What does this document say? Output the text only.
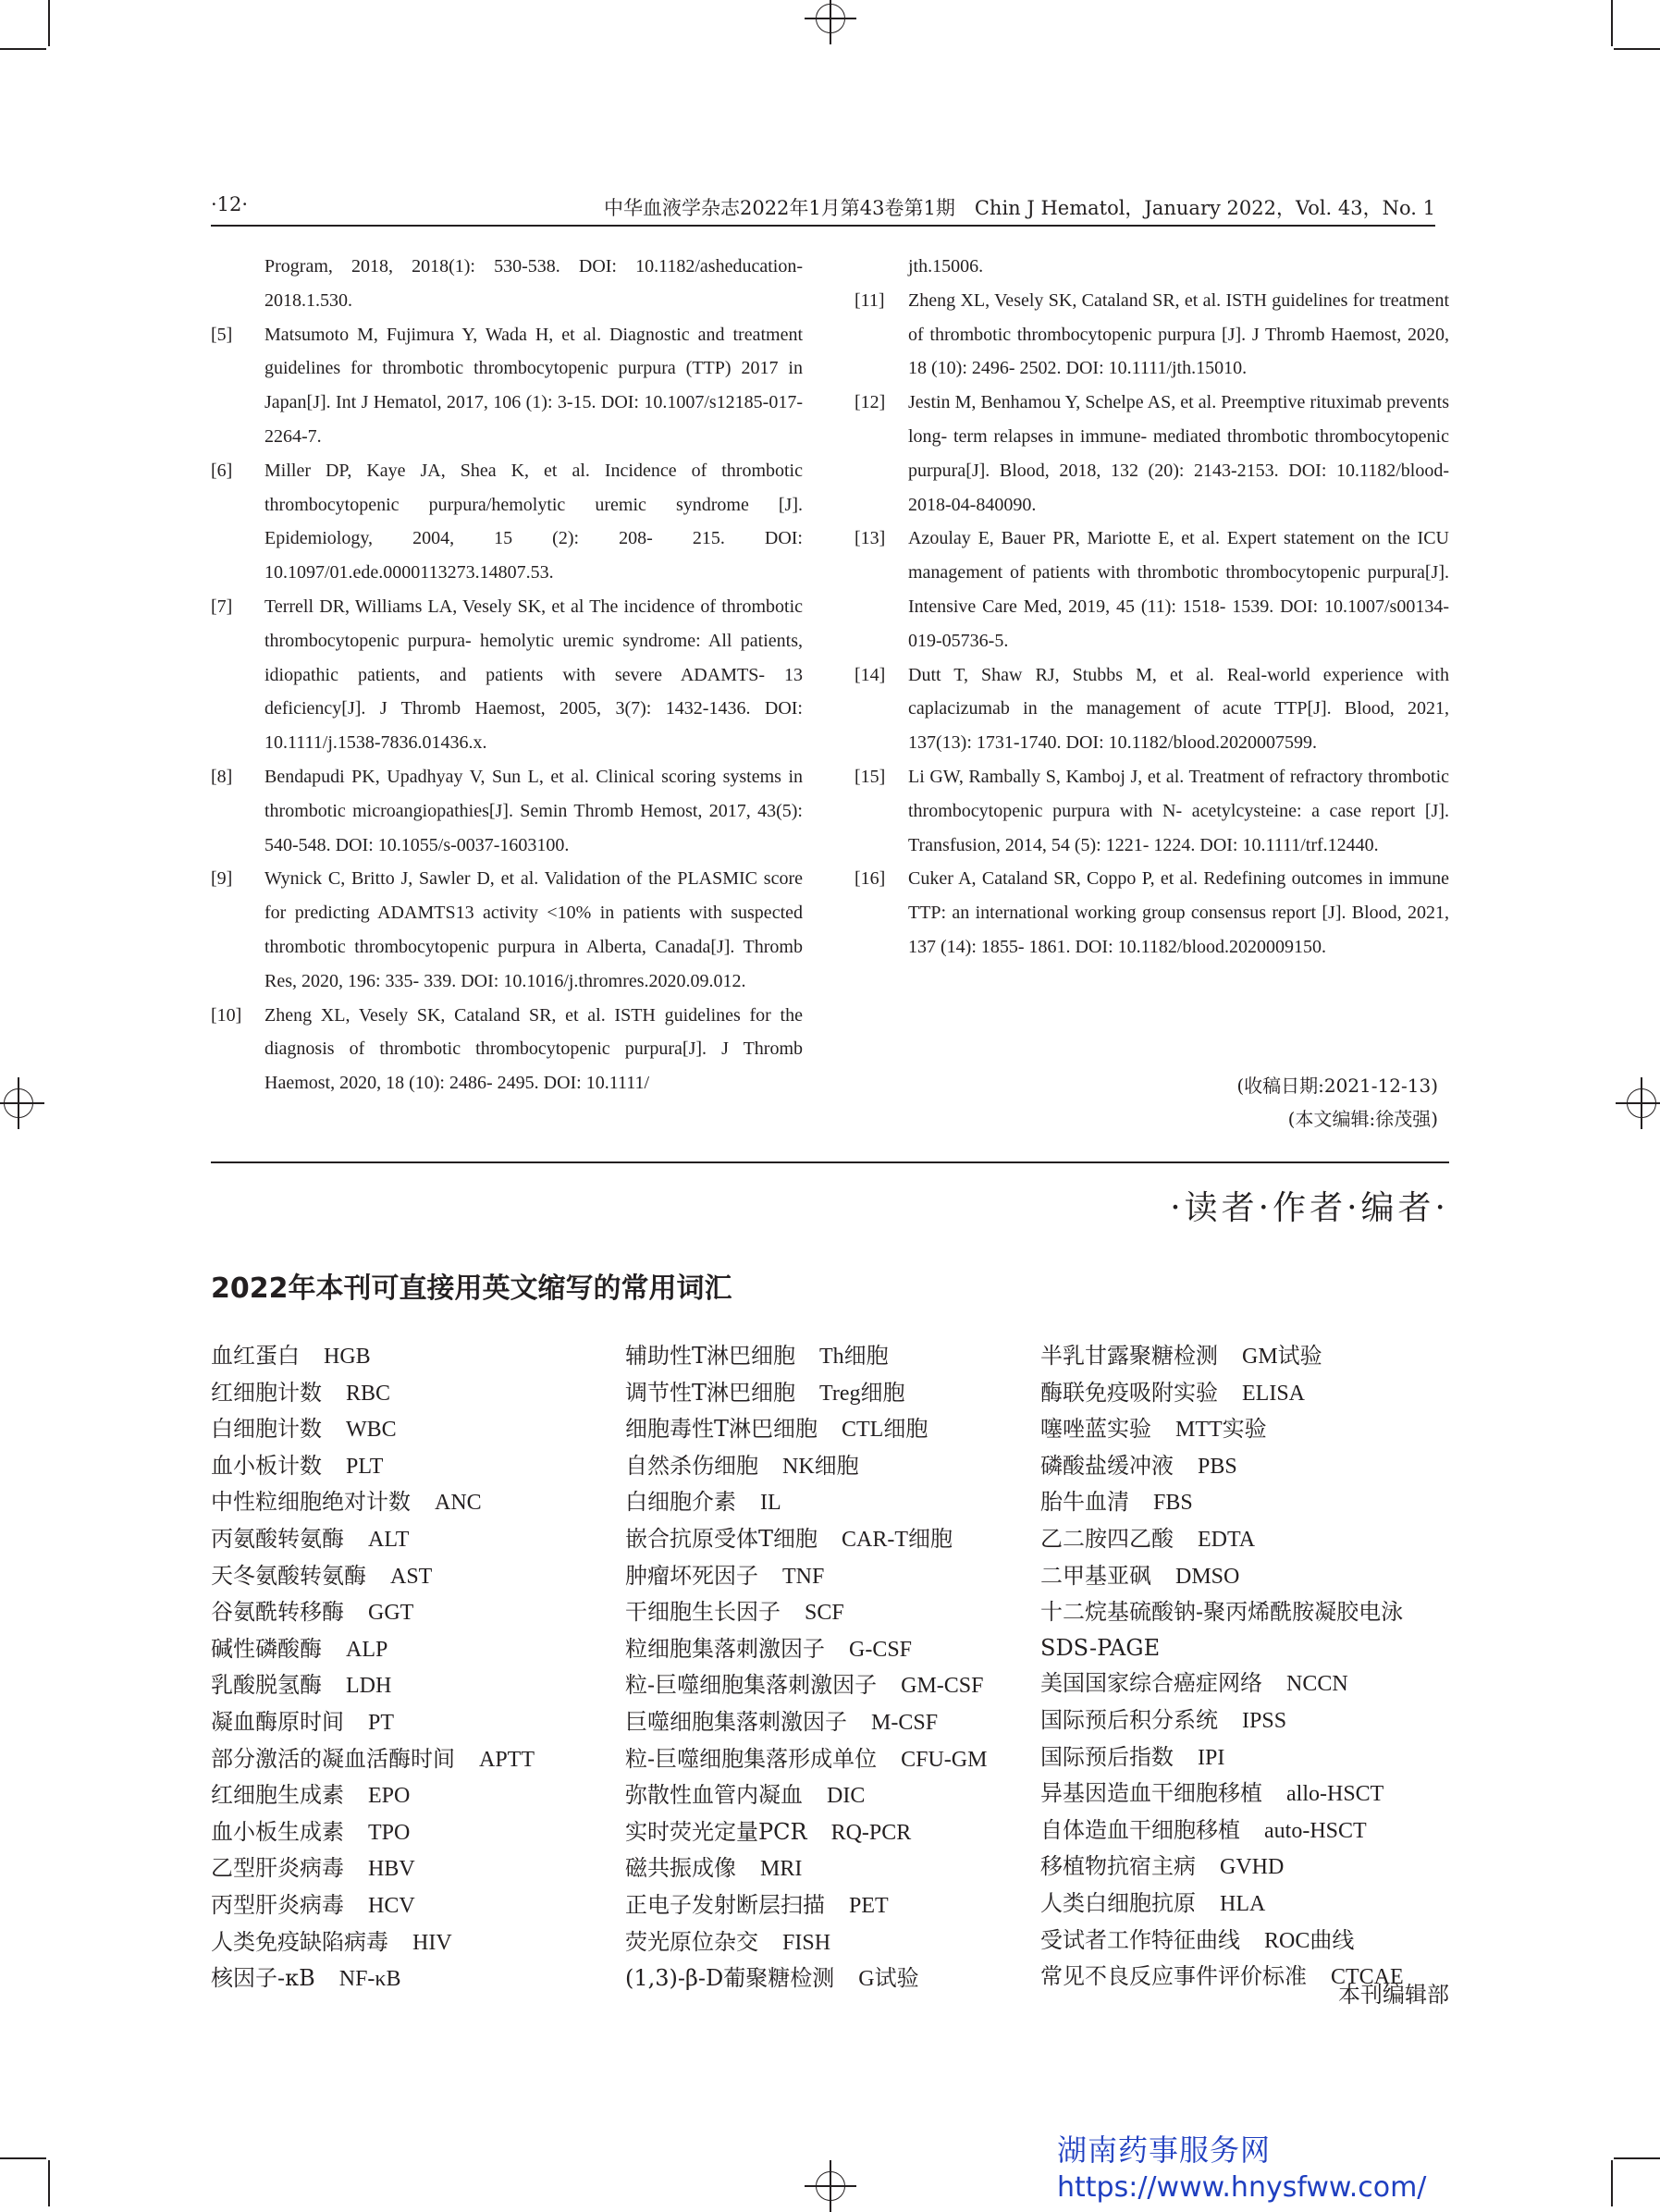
·12·	中华血液学杂志2022年1月第43卷第1期　Chin J Hematol，January 2022，Vol. 43，No. 1
Program, 2018, 2018(1): 530-538. DOI: 10.1182/asheducation-2018.1.530.
[5] Matsumoto M, Fujimura Y, Wada H, et al. Diagnostic and treatment guidelines for thrombotic thrombocytopenic purpura (TTP) 2017 in Japan[J]. Int J Hematol, 2017, 106 (1): 3-15. DOI: 10.1007/s12185-017-2264-7.
[6] Miller DP, Kaye JA, Shea K, et al. Incidence of thrombotic thrombocytopenic purpura/hemolytic uremic syndrome [J]. Epidemiology, 2004, 15 (2): 208- 215. DOI: 10.1097/01.ede.0000113273.14807.53.
[7] Terrell DR, Williams LA, Vesely SK, et al The incidence of thrombotic thrombocytopenic purpura- hemolytic uremic syndrome: All patients, idiopathic patients, and patients with severe ADAMTS- 13 deficiency[J]. J Thromb Haemost, 2005, 3(7): 1432-1436. DOI: 10.1111/j.1538-7836.01436.x.
[8] Bendapudi PK, Upadhyay V, Sun L, et al. Clinical scoring systems in thrombotic microangiopathies[J]. Semin Thromb Hemost, 2017, 43(5): 540-548. DOI: 10.1055/s-0037-1603100.
[9] Wynick C, Britto J, Sawler D, et al. Validation of the PLASMIC score for predicting ADAMTS13 activity <10% in patients with suspected thrombotic thrombocytopenic purpura in Alberta, Canada[J]. Thromb Res, 2020, 196: 335- 339. DOI: 10.1016/j.thromres.2020.09.012.
[10] Zheng XL, Vesely SK, Cataland SR, et al. ISTH guidelines for the diagnosis of thrombotic thrombocytopenic purpura[J]. J Thromb Haemost, 2020, 18 (10): 2486- 2495. DOI: 10.1111/
jth.15006.
[11] Zheng XL, Vesely SK, Cataland SR, et al. ISTH guidelines for treatment of thrombotic thrombocytopenic purpura [J]. J Thromb Haemost, 2020, 18 (10): 2496- 2502. DOI: 10.1111/jth.15010.
[12] Jestin M, Benhamou Y, Schelpe AS, et al. Preemptive rituximab prevents long- term relapses in immune- mediated thrombotic thrombocytopenic purpura[J]. Blood, 2018, 132 (20): 2143-2153. DOI: 10.1182/blood-2018-04-840090.
[13] Azoulay E, Bauer PR, Mariotte E, et al. Expert statement on the ICU management of patients with thrombotic thrombocytopenic purpura[J]. Intensive Care Med, 2019, 45 (11): 1518- 1539. DOI: 10.1007/s00134-019-05736-5.
[14] Dutt T, Shaw RJ, Stubbs M, et al. Real-world experience with caplacizumab in the management of acute TTP[J]. Blood, 2021, 137(13): 1731-1740. DOI: 10.1182/blood.2020007599.
[15] Li GW, Rambally S, Kamboj J, et al. Treatment of refractory thrombotic thrombocytopenic purpura with N- acetylcysteine: a case report [J]. Transfusion, 2014, 54 (5): 1221- 1224. DOI: 10.1111/trf.12440.
[16] Cuker A, Cataland SR, Coppo P, et al. Redefining outcomes in immune TTP: an international working group consensus report [J]. Blood, 2021, 137 (14): 1855- 1861. DOI: 10.1182/blood.2020009150.
(收稿日期:2021-12-13)
(本文编辑:徐茂强)
·读者·作者·编者·
2022年本刊可直接用英文缩写的常用词汇
血红蛋白 HGB
红细胞计数 RBC
白细胞计数 WBC
血小板计数 PLT
中性粒细胞绝对计数 ANC
丙氨酸转氨酶 ALT
天冬氨酸转氨酶 AST
谷氨酰转移酶 GGT
碱性磷酸酶 ALP
乳酸脱氢酶 LDH
凝血酶原时间 PT
部分激活的凝血活酶时间 APTT
红细胞生成素 EPO
血小板生成素 TPO
乙型肝炎病毒 HBV
丙型肝炎病毒 HCV
人类免疫缺陷病毒 HIV
核因子-κB NF-κB
辅助性T淋巴细胞 Th细胞
调节性T淋巴细胞 Treg细胞
细胞毒性T淋巴细胞 CTL细胞
自然杀伤细胞 NK细胞
白细胞介素 IL
嵌合抗原受体T细胞 CAR-T细胞
肿瘤坏死因子 TNF
干细胞生长因子 SCF
粒细胞集落刺激因子 G-CSF
粒-巨噬细胞集落刺激因子 GM-CSF
巨噬细胞集落刺激因子 M-CSF
粒-巨噬细胞集落形成单位 CFU-GM
弥散性血管内凝血 DIC
实时荧光定量PCR RQ-PCR
磁共振成像 MRI
正电子发射断层扫描 PET
荧光原位杂交 FISH
(1,3)-β-D葡聚糖检测 G试验
半乳甘露聚糖检测 GM试验
酶联免疫吸附实验 ELISA
噻唑蓝实验 MTT实验
磷酸盐缓冲液 PBS
胎牛血清 FBS
乙二胺四乙酸 EDTA
二甲基亚砜 DMSO
十二烷基硫酸钠-聚丙烯酰胺凝胶电泳
SDS-PAGE
美国国家综合癌症网络 NCCN
国际预后积分系统 IPSS
国际预后指数 IPI
异基因造血干细胞移植 allo-HSCT
自体造血干细胞移植 auto-HSCT
移植物抗宿主病 GVHD
人类白细胞抗原 HLA
受试者工作特征曲线 ROC曲线
常见不良反应事件评价标准 CTCAE
本刊编辑部
湖南药事服务网
https://www.hnysfww.com/
